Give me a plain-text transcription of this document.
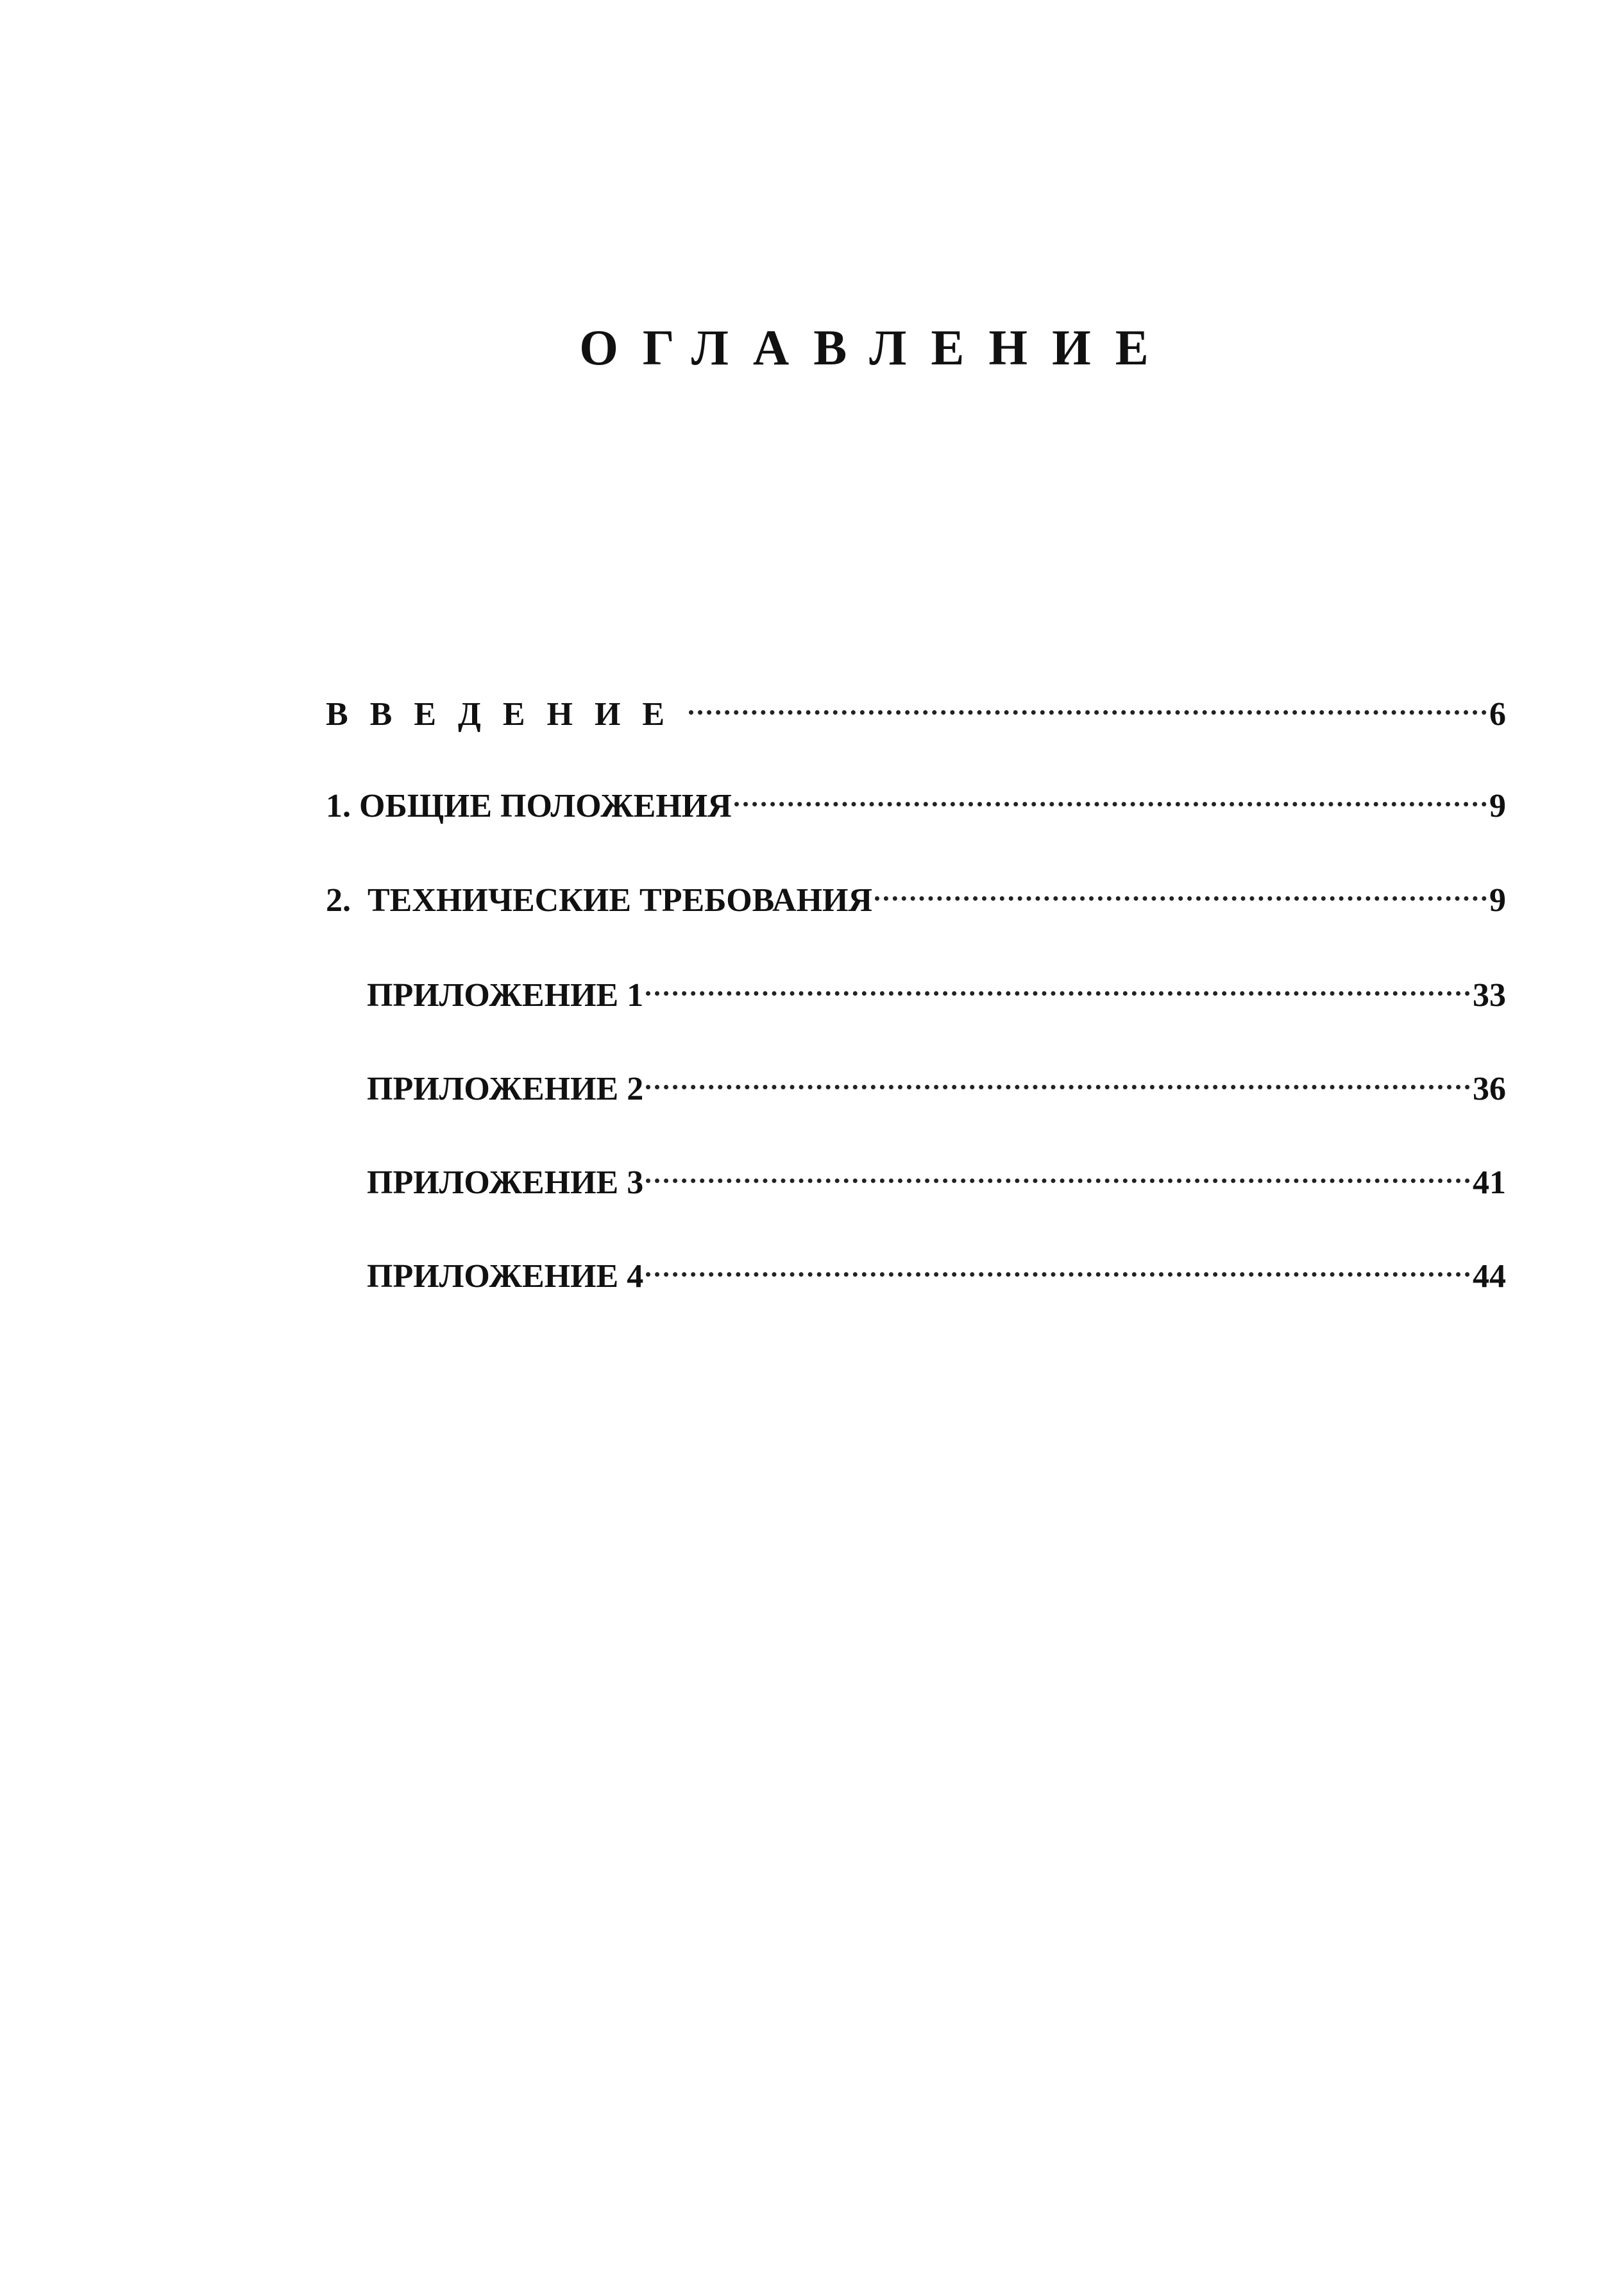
ОГЛАВЛЕНИЕ
ВВЕДЕНИЕ	6
1. ОБЩИЕ ПОЛОЖЕНИЯ	9
2.  ТЕХНИЧЕСКИЕ ТРЕБОВАНИЯ	9
ПРИЛОЖЕНИЕ 1	33
ПРИЛОЖЕНИЕ 2	36
ПРИЛОЖЕНИЕ 3	41
ПРИЛОЖЕНИЕ 4	44
